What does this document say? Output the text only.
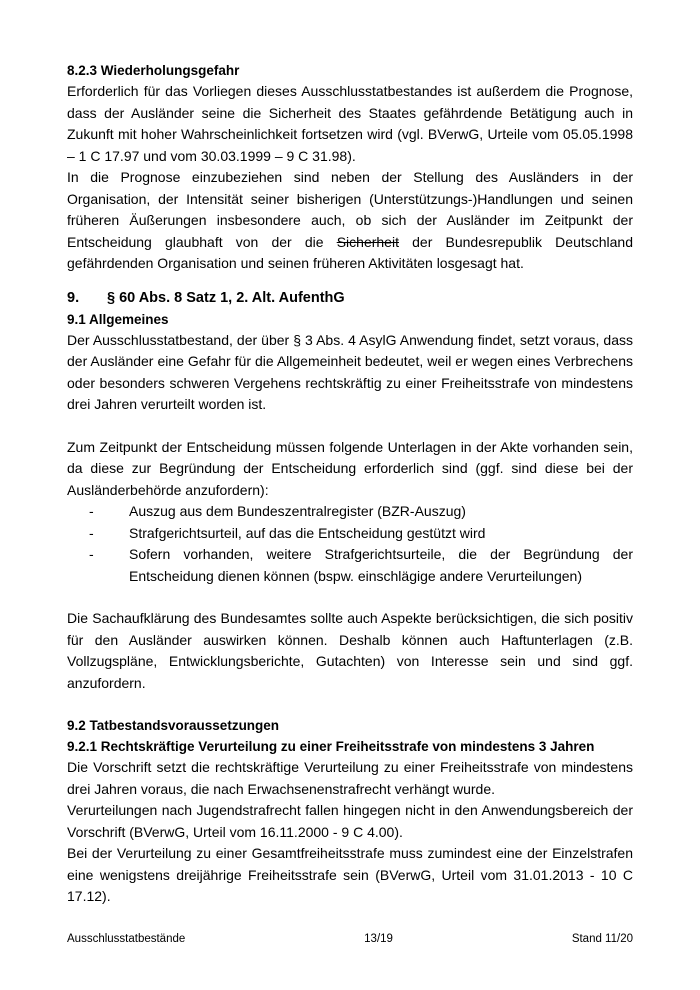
8.2.3 Wiederholungsgefahr

Erforderlich für das Vorliegen dieses Ausschlusstatbestandes ist außerdem die Prognose, dass der Ausländer seine die Sicherheit des Staates gefährdende Betätigung auch in Zukunft mit hoher Wahrscheinlichkeit fortsetzen wird (vgl. BVerwG, Urteile vom 05.05.1998 – 1 C 17.97 und vom 30.03.1999 – 9 C 31.98).

In die Prognose einzubeziehen sind neben der Stellung des Ausländers in der Organisation, der Intensität seiner bisherigen (Unterstützungs-)Handlungen und seinen früheren Äußerungen insbesondere auch, ob sich der Ausländer im Zeitpunkt der Entscheidung glaubhaft von der die Sicherheit der Bundesrepublik Deutschland gefährdenden Organisation und seinen früheren Aktivitäten losgesagt hat.

9.	§ 60 Abs. 8 Satz 1, 2. Alt. AufenthG
9.1 Allgemeines

Der Ausschlusstatbestand, der über § 3 Abs. 4 AsylG Anwendung findet, setzt voraus, dass der Ausländer eine Gefahr für die Allgemeinheit bedeutet, weil er wegen eines Verbrechens oder besonders schweren Vergehens rechtskräftig zu einer Freiheitsstrafe von mindestens drei Jahren verurteilt worden ist.

Zum Zeitpunkt der Entscheidung müssen folgende Unterlagen in der Akte vorhanden sein, da diese zur Begründung der Entscheidung erforderlich sind (ggf. sind diese bei der Ausländerbehörde anzufordern):

-	Auszug aus dem Bundeszentralregister (BZR-Auszug)
-	Strafgerichtsurteil, auf das die Entscheidung gestützt wird
-	Sofern vorhanden, weitere Strafgerichtsurteile, die der Begründung der Entscheidung dienen können (bspw. einschlägige andere Verurteilungen)

Die Sachaufklärung des Bundesamtes sollte auch Aspekte berücksichtigen, die sich positiv für den Ausländer auswirken können. Deshalb können auch Haftunterlagen (z.B. Vollzugspläne, Entwicklungsberichte, Gutachten) von Interesse sein und sind ggf. anzufordern.

9.2 Tatbestandsvoraussetzungen
9.2.1 Rechtskräftige Verurteilung zu einer Freiheitsstrafe von mindestens 3 Jahren

Die Vorschrift setzt die rechtskräftige Verurteilung zu einer Freiheitsstrafe von mindestens drei Jahren voraus, die nach Erwachsenenstrafrecht verhängt wurde.

Verurteilungen nach Jugendstrafrecht fallen hingegen nicht in den Anwendungsbereich der Vorschrift (BVerwG, Urteil vom 16.11.2000 - 9 C 4.00).

Bei der Verurteilung zu einer Gesamtfreiheitsstrafe muss zumindest eine der Einzelstrafen eine wenigstens dreijährige Freiheitsstrafe sein (BVerwG, Urteil vom 31.01.2013 - 10 C 17.12).

Ausschlusstatbestände	13/19	Stand 11/20
